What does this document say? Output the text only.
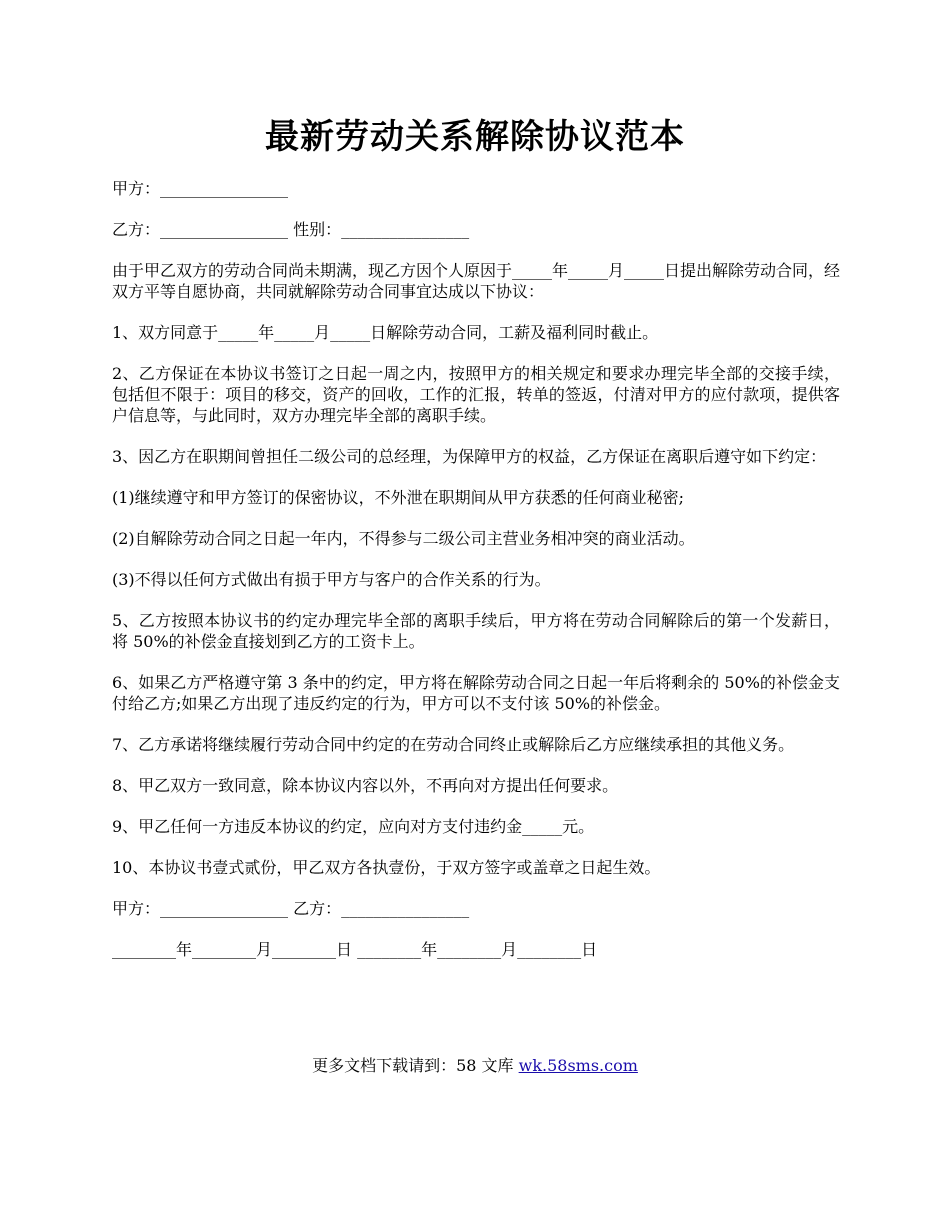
最新劳动关系解除协议范本

甲方：________________

乙方：________________ 性别：________________

由于甲乙双方的劳动合同尚未期满，现乙方因个人原因于_____年_____月_____日提出解除劳动合同，经双方平等自愿协商，共同就解除劳动合同事宜达成以下协议：

1、双方同意于_____年_____月_____日解除劳动合同，工薪及福利同时截止。

2、乙方保证在本协议书签订之日起一周之内，按照甲方的相关规定和要求办理完毕全部的交接手续，包括但不限于：项目的移交，资产的回收，工作的汇报，转单的签返，付清对甲方的应付款项，提供客户信息等，与此同时，双方办理完毕全部的离职手续。

3、因乙方在职期间曾担任二级公司的总经理，为保障甲方的权益，乙方保证在离职后遵守如下约定：

(1)继续遵守和甲方签订的保密协议，不外泄在职期间从甲方获悉的任何商业秘密;

(2)自解除劳动合同之日起一年内，不得参与二级公司主营业务相冲突的商业活动。

(3)不得以任何方式做出有损于甲方与客户的合作关系的行为。

5、乙方按照本协议书的约定办理完毕全部的离职手续后，甲方将在劳动合同解除后的第一个发薪日，将 50%的补偿金直接划到乙方的工资卡上。

6、如果乙方严格遵守第 3 条中的约定，甲方将在解除劳动合同之日起一年后将剩余的 50%的补偿金支付给乙方;如果乙方出现了违反约定的行为，甲方可以不支付该 50%的补偿金。

7、乙方承诺将继续履行劳动合同中约定的在劳动合同终止或解除后乙方应继续承担的其他义务。

8、甲乙双方一致同意，除本协议内容以外，不再向对方提出任何要求。

9、甲乙任何一方违反本协议的约定，应向对方支付违约金_____元。

10、本协议书壹式贰份，甲乙双方各执壹份，于双方签字或盖章之日起生效。

甲方：________________ 乙方：________________

________年________月________日 ________年________月________日

更多文档下载请到：58 文库 wk.58sms.com
